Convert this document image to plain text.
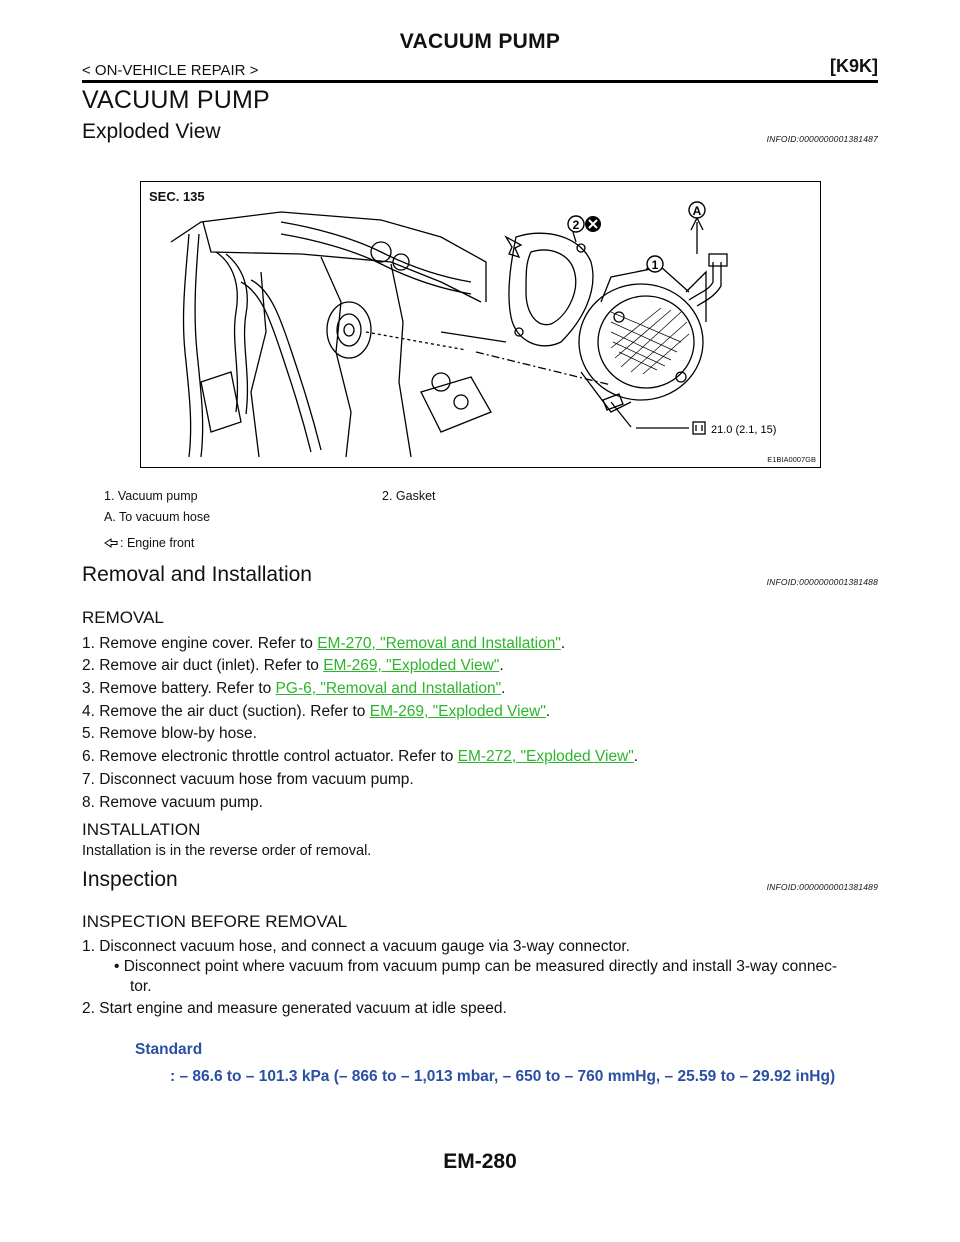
VACUUM PUMP
< ON-VEHICLE REPAIR >	[K9K]
VACUUM PUMP
Exploded View	INFOID:0000000001381487
SEC. 135
2
1
A
21.0 (2.1, 15)
E1BIA0007GB
1. Vacuum pump	2. Gasket
A. To vacuum hose
: Engine front
Removal and Installation	INFOID:0000000001381488
REMOVAL
1. Remove engine cover. Refer to EM-270, "Removal and Installation".
2. Remove air duct (inlet). Refer to EM-269, "Exploded View".
3. Remove battery. Refer to PG-6, "Removal and Installation".
4. Remove the air duct (suction). Refer to EM-269, "Exploded View".
5. Remove blow-by hose.
6. Remove electronic throttle control actuator. Refer to EM-272, "Exploded View".
7. Disconnect vacuum hose from vacuum pump.
8. Remove vacuum pump.
INSTALLATION
Installation is in the reverse order of removal.
Inspection	INFOID:0000000001381489
INSPECTION BEFORE REMOVAL
1. Disconnect vacuum hose, and connect a vacuum gauge via 3-way connector.
• Disconnect point where vacuum from vacuum pump can be measured directly and install 3-way connec-
tor.
2. Start engine and measure generated vacuum at idle speed.
Standard
: – 86.6 to – 101.3 kPa (– 866 to – 1,013 mbar, – 650 to – 760 mmHg, – 25.59 to – 29.92 inHg)
EM-280
